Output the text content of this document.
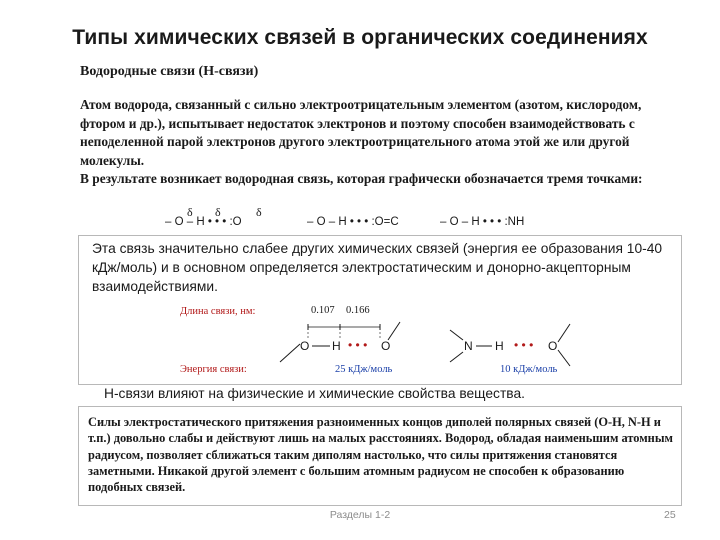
Типы химических связей в органических соединениях
Водородные связи (Н-связи)
Атом водорода, связанный с сильно электроотрицательным элементом (азотом, кислородом, фтором и др.), испытывает недостаток электронов и поэтому способен взаимодействовать с неподеленной парой электронов другого электроотрицательного атома этой же или другой молекулы.
В результате возникает водородная связь, которая графически обозначается тремя точками:
δ δ	δ
– O – H • • • :O	– O – H • • • :O=C	– O – H • • • :NH
Эта связь значительно слабее других химических связей (энергия ее образования 10-40 кДж/моль) и в основном определяется электростатическим и донорно-акцепторным взаимодействиями.
Длина связи, нм:	0.107 0.166
O H • • • O	N H • • • O
Энергия связи:	25 кДж/моль	10 кДж/моль
Н-связи влияют на физические и химические свойства вещества.
Силы электростатического притяжения разноименных концов диполей полярных связей (О-Н, N-Н и т.п.) довольно слабы и действуют лишь на малых расстояниях. Водород, обладая наименьшим атомным радиусом, позволяет сближаться таким диполям настолько, что силы притяжения становятся заметными. Никакой другой элемент с большим атомным радиусом не способен к образованию подобных связей.
Разделы 1-2	25
